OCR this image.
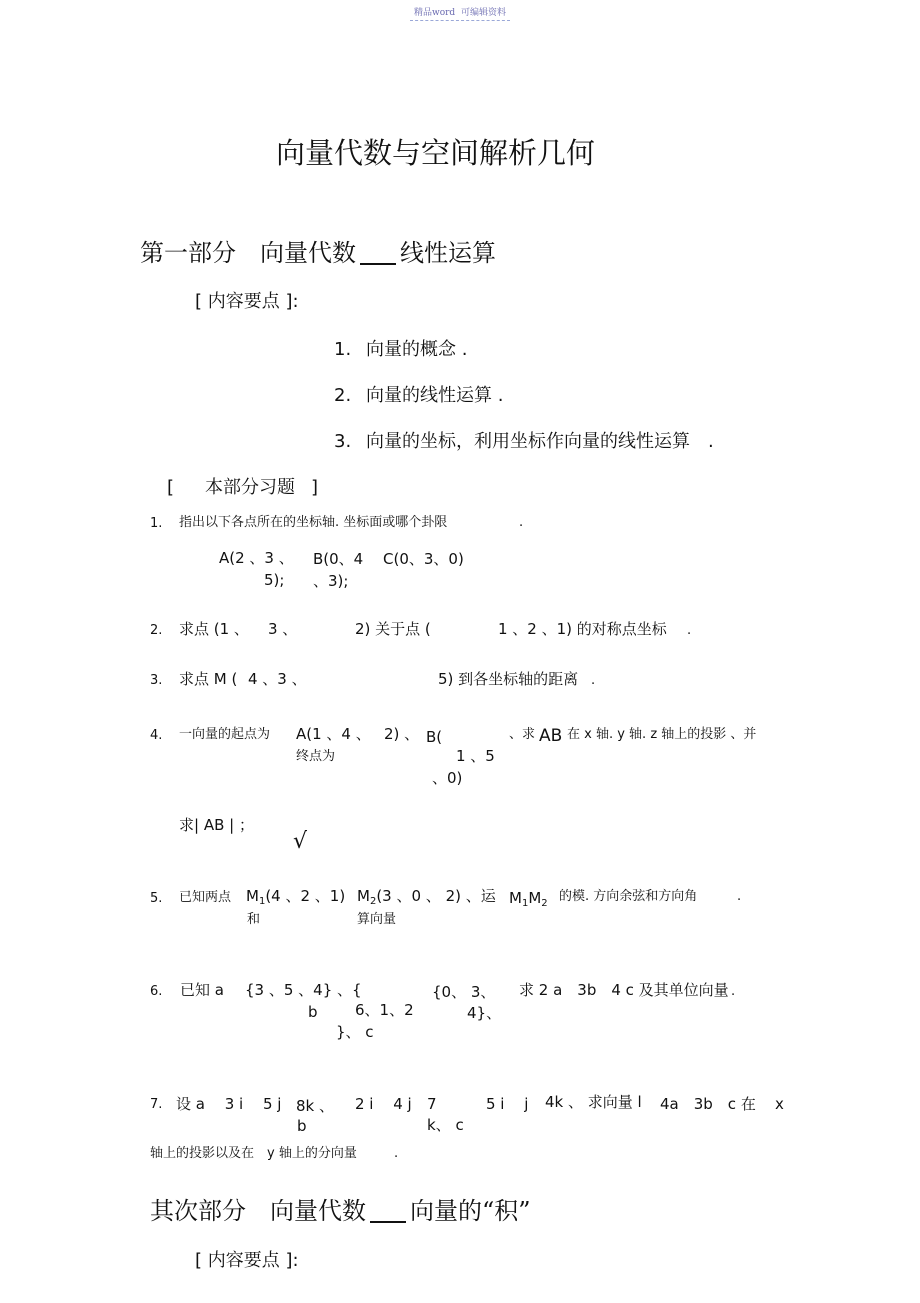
精品word 可编辑资料
向量代数与空间解析几何
第一部分　向量代数 线性运算
[ 内容要点 ]:
1. 向量的概念 .
2. 向量的线性运算 .
3. 向量的坐标，利用坐标作向量的线性运算　.
[ 本部分习题 ]
1. 指出以下各点所在的坐标轴. 坐标面或哪个卦限	.
A(2 、3 、
5);
B(0、4
、3);
C(0、3、0)
2. 求点 (1 、 3 、	2) 关于点 (	1 、2 、1) 的对称点坐标 .
3. 求点 M ( 4 、3 、	5) 到各坐标轴的距离 .
4. 一向量的起点为 A(1 、4 、 2) 、
终点为
B(
1 、5
、0)
、求 AB 在 x 轴. y 轴. z 轴上的投影 、并
求| AB | ；
√
5. 已知两点
和
$M_1(4$ 、2 、1) $M_2(3$ 、0 、 2) 、运
算向量
$M_1M_2$ 的模. 方向余弦和方向角	.
6. 已知 a {3 、5 、4} 、{
b
}、 c
6、1、2
{0、 3、
4}、
求 2 a　3b　4 c 及其单位向量 .
7. 设 a　 3 i　 5 j 8k 、
b
2 i　 4 j 7
k、 c
5 i　 j 4k 、 求向量 l 4a　3b　c 在 x
轴上的投影以及在　y 轴上的分向量	.
其次部分　向量代数 向量的“积”
[ 内容要点 ]:
